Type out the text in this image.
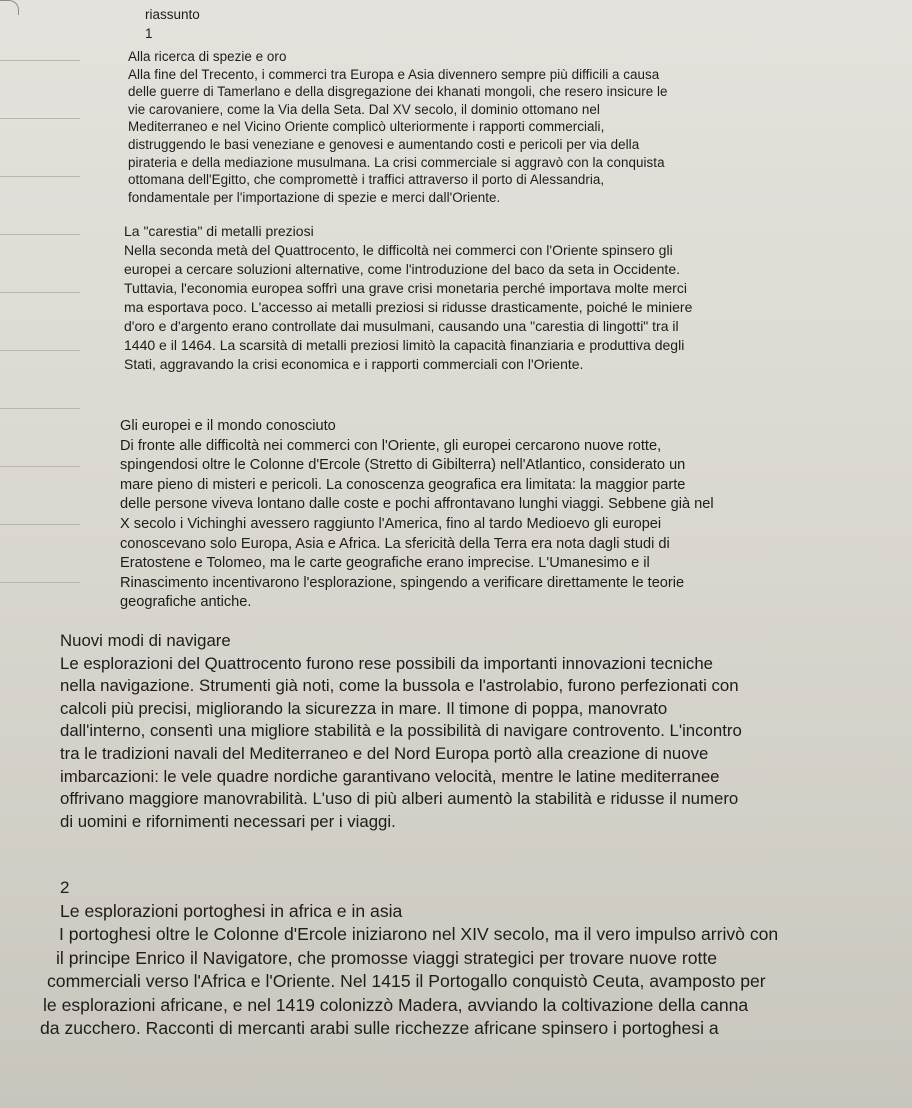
riassunto
1
Alla ricerca di spezie e oro
Alla fine del Trecento, i commerci tra Europa e Asia divennero sempre più difficili a causa
delle guerre di Tamerlano e della disgregazione dei khanati mongoli, che resero insicure le
vie carovaniere, come la Via della Seta. Dal XV secolo, il dominio ottomano nel
Mediterraneo e nel Vicino Oriente complicò ulteriormente i rapporti commerciali,
distruggendo le basi veneziane e genovesi e aumentando costi e pericoli per via della
pirateria e della mediazione musulmana. La crisi commerciale si aggravò con la conquista
ottomana dell'Egitto, che compromettè i traffici attraverso il porto di Alessandria,
fondamentale per l'importazione di spezie e merci dall'Oriente.
La "carestia" di metalli preziosi
Nella seconda metà del Quattrocento, le difficoltà nei commerci con l'Oriente spinsero gli
europei a cercare soluzioni alternative, come l'introduzione del baco da seta in Occidente.
Tuttavia, l'economia europea soffrì una grave crisi monetaria perché importava molte merci
ma esportava poco. L'accesso ai metalli preziosi si ridusse drasticamente, poiché le miniere
d'oro e d'argento erano controllate dai musulmani, causando una "carestia di lingotti" tra il
1440 e il 1464. La scarsità di metalli preziosi limitò la capacità finanziaria e produttiva degli
Stati, aggravando la crisi economica e i rapporti commerciali con l'Oriente.
Gli europei e il mondo conosciuto
Di fronte alle difficoltà nei commerci con l'Oriente, gli europei cercarono nuove rotte,
spingendosi oltre le Colonne d'Ercole (Stretto di Gibilterra) nell'Atlantico, considerato un
mare pieno di misteri e pericoli. La conoscenza geografica era limitata: la maggior parte
delle persone viveva lontano dalle coste e pochi affrontavano lunghi viaggi. Sebbene già nel
X secolo i Vichinghi avessero raggiunto l'America, fino al tardo Medioevo gli europei
conoscevano solo Europa, Asia e Africa. La sfericità della Terra era nota dagli studi di
Eratostene e Tolomeo, ma le carte geografiche erano imprecise. L'Umanesimo e il
Rinascimento incentivarono l'esplorazione, spingendo a verificare direttamente le teorie
geografiche antiche.
Nuovi modi di navigare
Le esplorazioni del Quattrocento furono rese possibili da importanti innovazioni tecniche
nella navigazione. Strumenti già noti, come la bussola e l'astrolabio, furono perfezionati con
calcoli più precisi, migliorando la sicurezza in mare. Il timone di poppa, manovrato
dall'interno, consentì una migliore stabilità e la possibilità di navigare controvento. L'incontro
tra le tradizioni navali del Mediterraneo e del Nord Europa portò alla creazione di nuove
imbarcazioni: le vele quadre nordiche garantivano velocità, mentre le latine mediterranee
offrivano maggiore manovrabilità. L'uso di più alberi aumentò la stabilità e ridusse il numero
di uomini e rifornimenti necessari per i viaggi.
2
Le esplorazioni portoghesi in africa e in asia
I portoghesi oltre le Colonne d'Ercole iniziarono nel XIV secolo, ma il vero impulso arrivò con
il principe Enrico il Navigatore, che promosse viaggi strategici per trovare nuove rotte
commerciali verso l'Africa e l'Oriente. Nel 1415 il Portogallo conquistò Ceuta, avamposto per
le esplorazioni africane, e nel 1419 colonizzò Madera, avviando la coltivazione della canna
da zucchero. Racconti di mercanti arabi sulle ricchezze africane spinsero i portoghesi a
